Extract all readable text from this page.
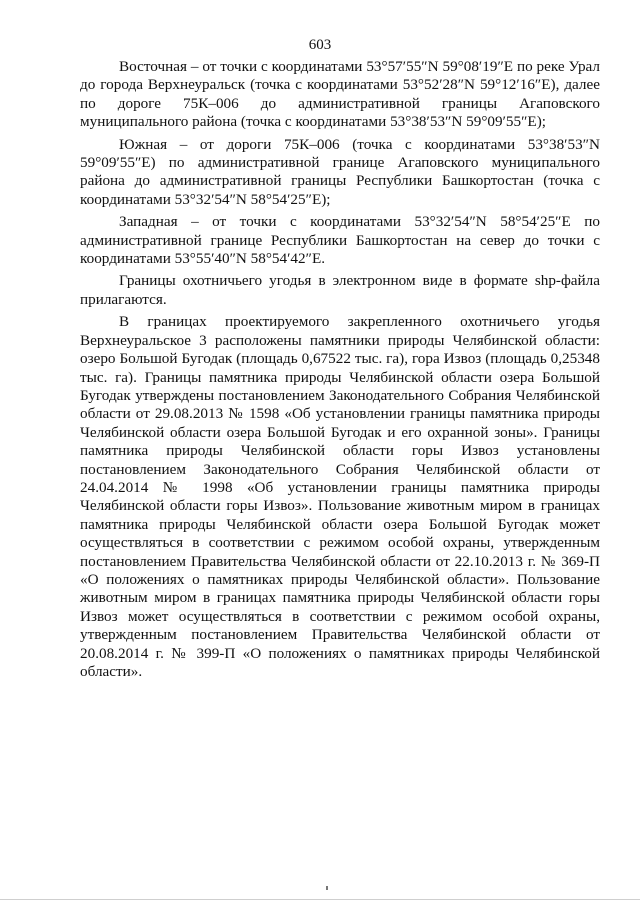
603

Восточная – от точки с координатами 53°57′55″N 59°08′19″E по реке Урал до города Верхнеуральск (точка с координатами 53°52′28″N 59°12′16″E), далее по дороге 75К–006 до административной границы Агаповского муниципального района (точка с координатами 53°38′53″N 59°09′55″E);

Южная – от дороги 75К–006 (точка с координатами 53°38′53″N 59°09′55″E) по административной границе Агаповского муниципального района до административной границы Республики Башкортостан (точка с координатами 53°32′54″N 58°54′25″E);

Западная – от точки с координатами 53°32′54″N 58°54′25″E по административной границе Республики Башкортостан на север до точки с координатами 53°55′40″N 58°54′42″E.

Границы охотничьего угодья в электронном виде в формате shp-файла прилагаются.

В границах проектируемого закрепленного охотничьего угодья Верхнеуральское 3 расположены памятники природы Челябинской области: озеро Большой Бугодак (площадь 0,67522 тыс. га), гора Извоз (площадь 0,25348 тыс. га). Границы памятника природы Челябинской области озера Большой Бугодак утверждены постановлением Законодательного Собрания Челябинской области от 29.08.2013 № 1598 «Об установлении границы памятника природы Челябинской области озера Большой Бугодак и его охранной зоны». Границы памятника природы Челябинской области горы Извоз установлены постановлением Законодательного Собрания Челябинской области от 24.04.2014 № 1998 «Об установлении границы памятника природы Челябинской области горы Извоз». Пользование животным миром в границах памятника природы Челябинской области озера Большой Бугодак может осуществляться в соответствии с режимом особой охраны, утвержденным постановлением Правительства Челябинской области от 22.10.2013 г. № 369-П «О положениях о памятниках природы Челябинской области». Пользование животным миром в границах памятника природы Челябинской области горы Извоз может осуществляться в соответствии с режимом особой охраны, утвержденным постановлением Правительства Челябинской области от 20.08.2014 г. № 399-П «О положениях о памятниках природы Челябинской области».
